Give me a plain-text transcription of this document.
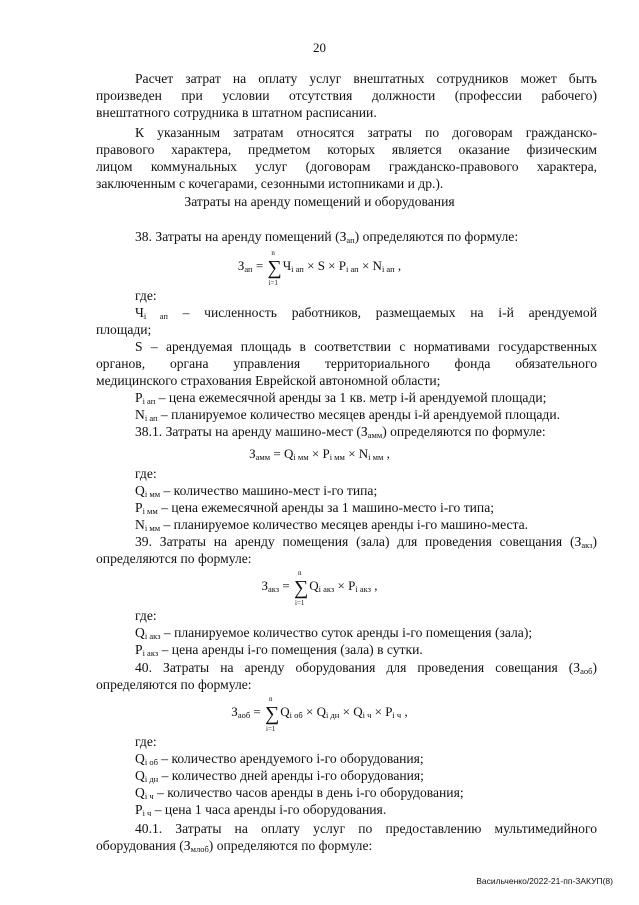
20
Расчет затрат на оплату услуг внештатных сотрудников может быть
произведен при условии отсутствия должности (профессии рабочего)
внештатного сотрудника в штатном расписании.
К указанным затратам относятся затраты по договорам гражданско-
правового характера, предметом которых является оказание физическим
лицом коммунальных услуг (договорам гражданско-правового характера,
заключенным с кочегарами, сезонными истопниками и др.).
Затраты на аренду помещений и оборудования
38. Затраты на аренду помещений $(З_{ап})$ определяются по формуле:
$З_{ап}$ = ∑
n
i=1
$Ч_{i ап} \times S \times P_{i ап} \times N_{i ап}$ ,
где:
$Ч_{i ап}$ – численность работников, размещаемых на i-й арендуемой
площади;
S – арендуемая площадь в соответствии с нормативами государственных
органов, органа управления территориального фонда обязательного
медицинского страхования Еврейской автономной области;
$P_{i ап}$ – цена ежемесячной аренды за 1 кв. метр i-й арендуемой площади;
$N_{i ап}$ – планируемое количество месяцев аренды i-й арендуемой площади.
38.1. Затраты на аренду машино-мест $(З_{амм})$ определяются по формуле:
$З_{амм} = Q_{i мм} \times P_{i мм} \times N_{i мм}$ ,
где:
$Q_{i мм}$ – количество машино-мест i-го типа;
$P_{i мм}$ – цена ежемесячной аренды за 1 машино-место i-го типа;
$N_{i мм}$ – планируемое количество месяцев аренды i-го машино-места.
39. Затраты на аренду помещения (зала) для проведения совещания $(З_{акз})$
определяются по формуле:
$З_{акз}$ = ∑
n
i=1
$Q_{i акз} \times P_{i акз}$ ,
где:
$Q_{i акз}$ – планируемое количество суток аренды i-го помещения (зала);
$P_{i акз}$ – цена аренды i-го помещения (зала) в сутки.
40. Затраты на аренду оборудования для проведения совещания $(З_{аоб})$
определяются по формуле:
$З_{аоб}$ = ∑
n
i=1
$Q_{i об} \times Q_{i дн} \times Q_{i ч} \times P_{i ч}$ ,
где:
$Q_{i об}$ – количество арендуемого i-го оборудования;
$Q_{i дн}$ – количество дней аренды i-го оборудования;
$Q_{i ч}$ – количество часов аренды в день i-го оборудования;
$P_{i ч}$ – цена 1 часа аренды i-го оборудования.
40.1. Затраты на оплату услуг по предоставлению мультимедийного
оборудования $(З_{млоб})$ определяются по формуле:
Васильченко/2022-21-пп-ЗАКУП(8)
